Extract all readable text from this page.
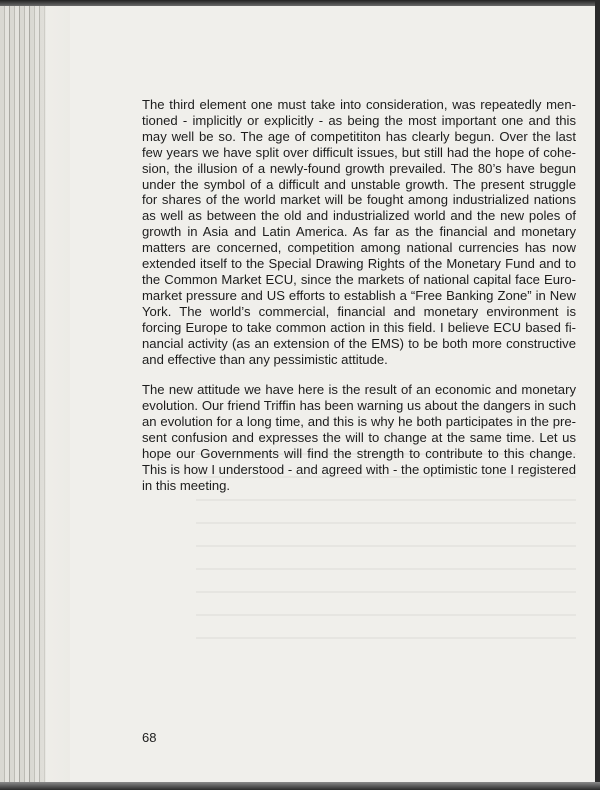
The third element one must take into consideration, was repeatedly mentioned - implicitly or explicitly - as being the most important one and this may well be so. The age of competititon has clearly begun. Over the last few years we have split over difficult issues, but still had the hope of cohesion, the illusion of a newly-found growth prevailed. The 80’s have begun under the symbol of a difficult and unstable growth. The present struggle for shares of the world market will be fought among industrialized nations as well as between the old and industrialized world and the new poles of growth in Asia and Latin America. As far as the financial and monetary matters are concerned, competition among national currencies has now extended itself to the Special Drawing Rights of the Monetary Fund and to the Common Market ECU, since the markets of national capital face Euromarket pressure and US efforts to establish a “Free Banking Zone” in New York. The world’s commercial, financial and monetary environment is forcing Europe to take common action in this field. I believe ECU based financial activity (as an extension of the EMS) to be both more constructive and effective than any pessimistic attitude.

The new attitude we have here is the result of an economic and monetary evolution. Our friend Triffin has been warning us about the dangers in such an evolution for a long time, and this is why he both participates in the present confusion and expresses the will to change at the same time. Let us hope our Governments will find the strength to contribute to this change. This is how I understood - and agreed with - the optimistic tone I registered in this meeting.

68
